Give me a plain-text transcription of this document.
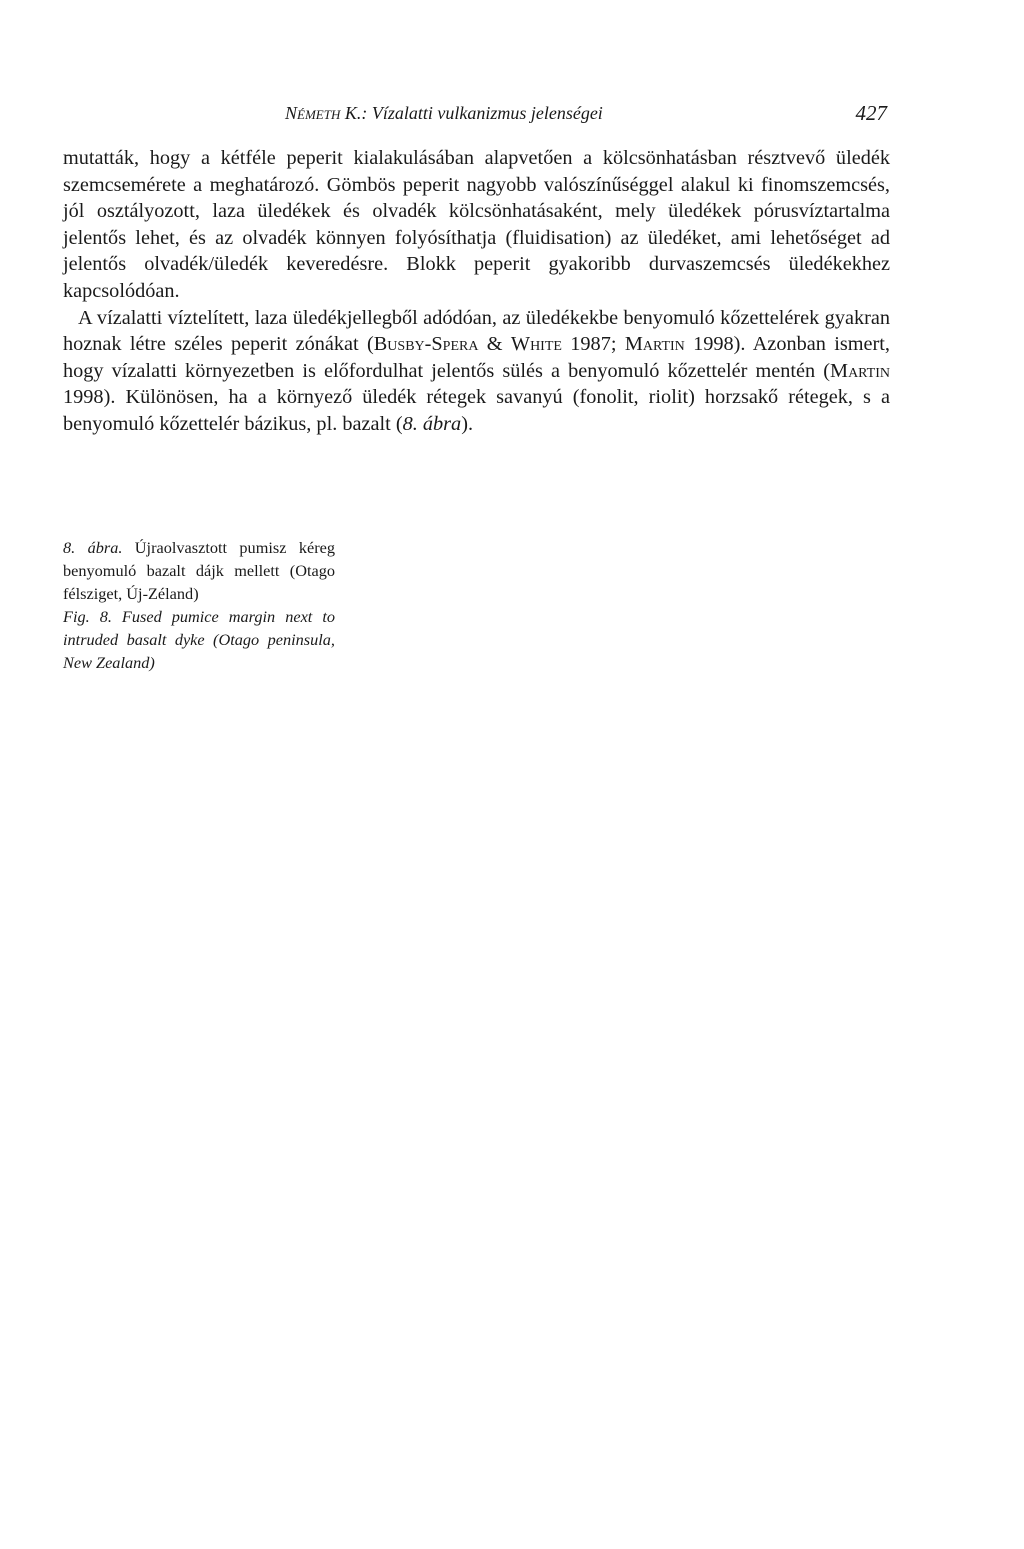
Németh K.: Vízalatti vulkanizmus jelenségei	427

mutatták, hogy a kétféle peperit kialakulásában alapvetően a kölcsönhatásban résztvevő üledék szemcsemérete a meghatározó. Gömbös peperit nagyobb valószínűséggel alakul ki finomszemcsés, jól osztályozott, laza üledékek és olvadék kölcsönhatásaként, mely üledékek pórusvíztartalma jelentős lehet, és az olvadék könnyen folyósíthatja (fluidisation) az üledéket, ami lehetőséget ad jelentős olvadék/üledék keveredésre. Blokk peperit gyakoribb durvaszemcsés üledékekhez kapcsolódóan.

A vízalatti víztelített, laza üledékjellegből adódóan, az üledékekbe benyomuló kőzettelérek gyakran hoznak létre széles peperit zónákat (Busby-Spera & White 1987; Martin 1998). Azonban ismert, hogy vízalatti környezetben is előfordulhat jelentős sülés a benyomuló kőzettelér mentén (Martin 1998). Különösen, ha a környező üledék rétegek savanyú (fonolit, riolit) horzsakő rétegek, s a benyomuló kőzettelér bázikus, pl. bazalt (8. ábra).

8. ábra. Újraolvasztott pumisz kéreg benyomuló bazalt dájk mellett (Otago félsziget, Új-Zéland)

Fig. 8. Fused pumice margin next to intruded basalt dyke (Otago peninsula, New Zealand)
